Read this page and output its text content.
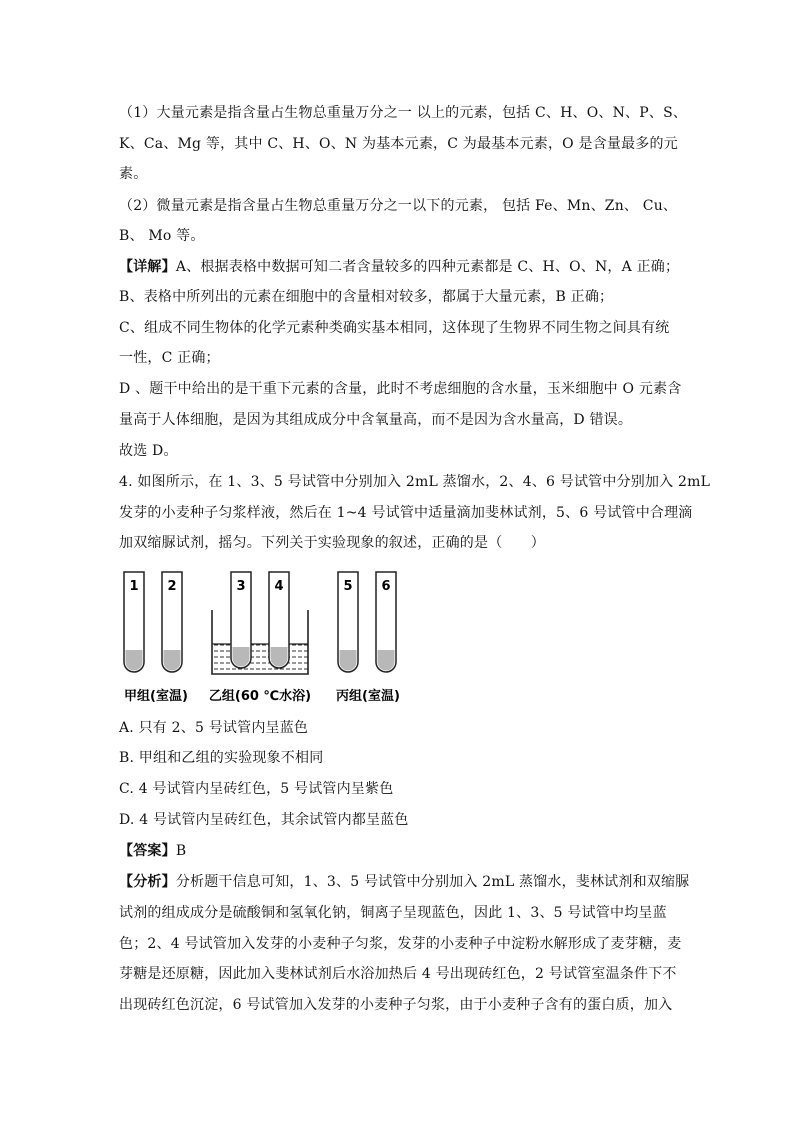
（1）大量元素是指含量占生物总重量万分之一 以上的元素，包括 C、H、O、N、P、S、
K、Ca、Mg 等，其中 C、H、O、N 为基本元素，C 为最基本元素，O 是含量最多的元
素。
（2）微量元素是指含量占生物总重量万分之一以下的元素， 包括 Fe、Mn、Zn、 Cu、
B、 Mo 等。
【详解】A、根据表格中数据可知二者含量较多的四种元素都是 C、H、O、N，A 正确；
B、表格中所列出的元素在细胞中的含量相对较多，都属于大量元素，B 正确；
C、组成不同生物体的化学元素种类确实基本相同，这体现了生物界不同生物之间具有统
一性，C 正确；
D 、题干中给出的是干重下元素的含量，此时不考虑细胞的含水量，玉米细胞中 O 元素含
量高于人体细胞，是因为其组成成分中含氧量高，而不是因为含水量高，D 错误。
故选 D。
4. 如图所示，在 1、3、5 号试管中分别加入 2mL 蒸馏水，2、4、6 号试管中分别加入 2mL
发芽的小麦种子匀浆样液，然后在 1~4 号试管中适量滴加斐林试剂，5、6 号试管中合理滴
加双缩脲试剂，摇匀。下列关于实验现象的叙述，正确的是（　　）
1 2	3 4	5 6
甲组(室温) 乙组(60 ℃水浴) 丙组(室温)
A. 只有 2、5 号试管内呈蓝色
B. 甲组和乙组的实验现象不相同
C. 4 号试管内呈砖红色，5 号试管内呈紫色
D. 4 号试管内呈砖红色，其余试管内都呈蓝色
【答案】B
【分析】分析题干信息可知，1、3、5 号试管中分别加入 2mL 蒸馏水，斐林试剂和双缩脲
试剂的组成成分是硫酸铜和氢氧化钠，铜离子呈现蓝色，因此 1、3、5 号试管中均呈蓝
色；2、4 号试管加入发芽的小麦种子匀浆，发芽的小麦种子中淀粉水解形成了麦芽糖，麦
芽糖是还原糖，因此加入斐林试剂后水浴加热后 4 号出现砖红色，2 号试管室温条件下不
出现砖红色沉淀，6 号试管加入发芽的小麦种子匀浆，由于小麦种子含有的蛋白质，加入
